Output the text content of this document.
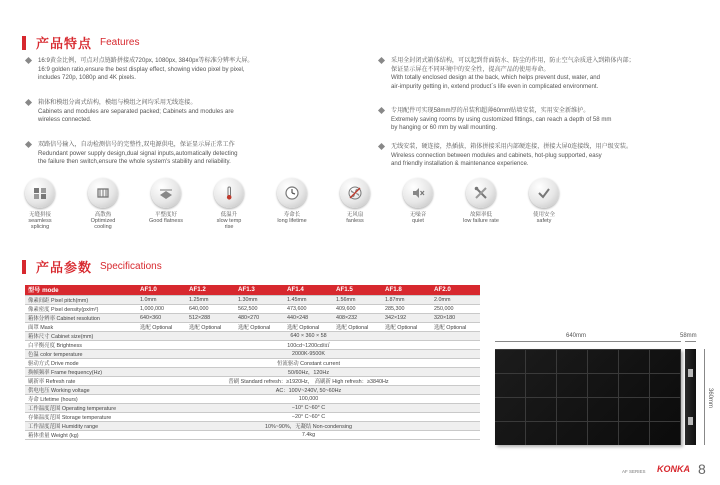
产品特点 Features
16:9黄金比例，可点对点链路拼接成720px, 1080px, 3840px等标准分辨率大屏。
16:9 golden ratio,ensure the best display effect, showing video pixel by pixel,
includes 720p, 1080p and 4K pixels.
箱体和模组分离式结构，模组与模组之间均采用无线连接。
Cabinets and modules are separated packed; Cabinets and modules are
wireless connected.
双路信号输入，自动检测信号的完整性,双电源供电，保证显示屏正常工作
Redundant power supply design,dual signal inputs,automatically detecting
the failure then switch,ensure the whole system's stability and reliability.
采用全封闭式箱体结构，可以起到背面防水、防尘的作用，防止空气杂质进入到箱体内部；
保证显示屏在不同环境中的安全性，提高产品的使用寿命。
With totally enclosed design at the back, which helps prevent dust, water, and
air-impurity getting in, extend product`s life even in complicated environment.
专用配件可实现58mm厚的吊装和超薄60mm贴墙安装，实用安全新维护。
Extremely saving rooms by using customized fittings, can reach a depth of 58 mm
by hanging or 60 mm by wall mounting.
无线安装，硬连接，热插拔，箱体拼接采用内部硬连接，拼接大屏0连接线，用户级安装。
Wireless connection between modules and cabinets, hot-plug supported, easy
and friendly installation & maintenance experience.
无缝拼接
seamless
splicing
高散热
Optimized
cooling
平整度好
Good flatness
低温升
slow temp
rise
寿命长
long lifetime
无风扇
fanless
无噪音
quiet
故障率低
low failure rate
使用安全
safety
产品参数 Specifications
型号 mode	AF1.0	AF1.2	AF1.3	AF1.4	AF1.5	AF1.8	AF2.0
像素间距 Pixel pitch(mm)	1.0mm	1.25mm	1.30mm	1.45mm	1.56mm	1.87mm	2.0mm
像素密度 Pixel density(px/m²)	1,000,000	640,000	562,500	473,600	409,600	285,300	250,000
箱体分辨率 Cabinet resolution	640×360	512×288	480×270	440×248	408×232	342×192	320×180
面罩 Mask	选配 Optional	选配 Optional	选配 Optional	选配 Optional	选配 Optional	选配 Optional	选配 Optional
箱体尺寸 Cabinet size(mm)	640 × 360 × 58						
白平衡亮度 Brightness	100cd~1200cd/㎡						
色温 color temperature	2000K-9500K						
驱动方式 Drive mode	恒流驱动 Constant current						
换帧频率 Frame frequency(Hz)	50/60Hz，120Hz						
刷新率 Refresh rate	普刷 Standard refresh：≥1920Hz， 高刷新 High refresh：≥3840Hz						
供电电压 Working voltage	AC：100V~240V, 50~60Hz						
寿命 Lifetime (hours)	100,000						
工作温度范围 Operating temperature	−10° C~60° C						
存储温度范围 Storage temperature	−20° C~60° C						
工作湿度范围 Humidity range	10%~90%，无凝结 Non-condensing						
箱体重量 Weight (kg)	7.4kg						
640mm	58mm
360mm
AF SERIES KONKA 8
